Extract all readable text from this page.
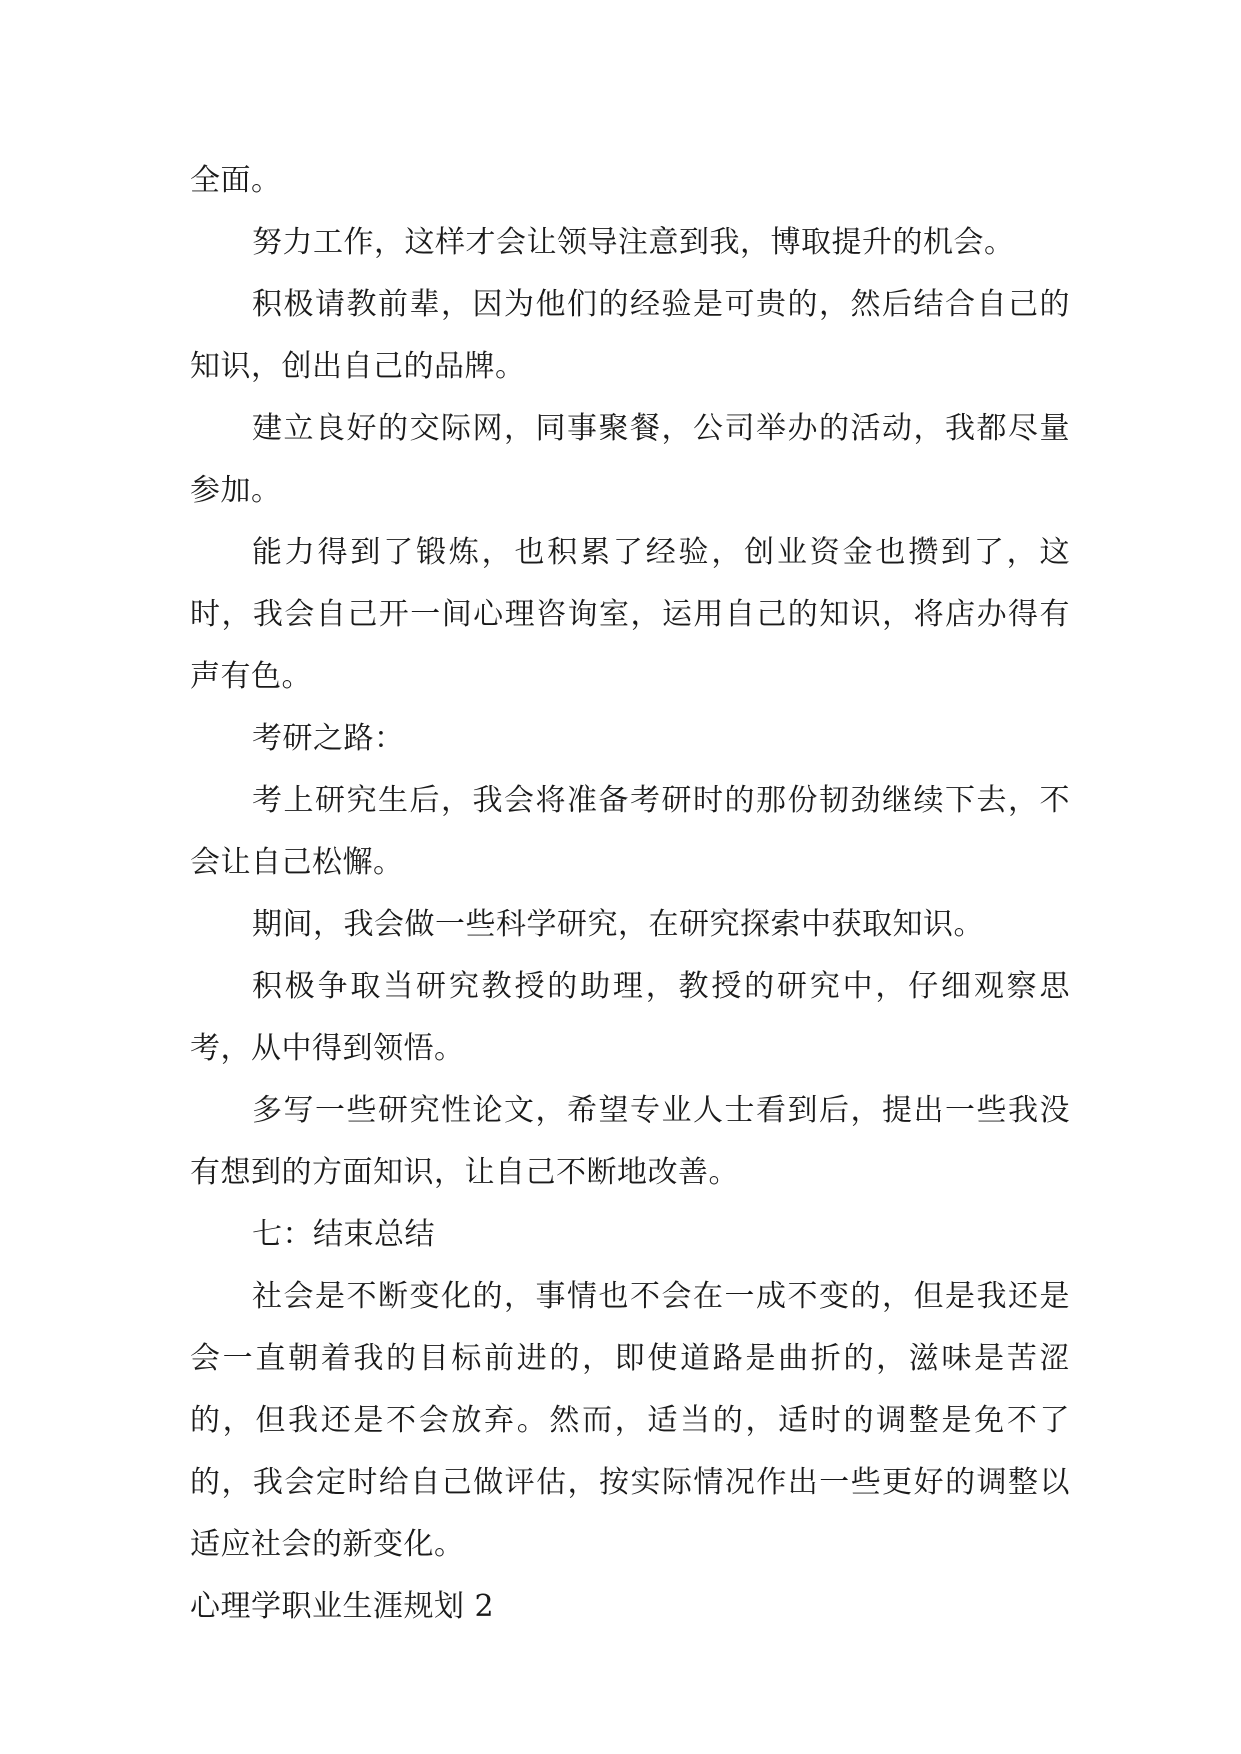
全面。

努力工作，这样才会让领导注意到我，博取提升的机会。

积极请教前辈，因为他们的经验是可贵的，然后结合自己的知识，创出自己的品牌。

建立良好的交际网，同事聚餐，公司举办的活动，我都尽量参加。

能力得到了锻炼，也积累了经验，创业资金也攒到了，这时，我会自己开一间心理咨询室，运用自己的知识，将店办得有声有色。

考研之路：

考上研究生后，我会将准备考研时的那份韧劲继续下去，不会让自己松懈。

期间，我会做一些科学研究，在研究探索中获取知识。

积极争取当研究教授的助理，教授的研究中，仔细观察思考，从中得到领悟。

多写一些研究性论文，希望专业人士看到后，提出一些我没有想到的方面知识，让自己不断地改善。

七：结束总结

社会是不断变化的，事情也不会在一成不变的，但是我还是会一直朝着我的目标前进的，即使道路是曲折的，滋味是苦涩的，但我还是不会放弃。然而，适当的，适时的调整是免不了的，我会定时给自己做评估，按实际情况作出一些更好的调整以适应社会的新变化。

心理学职业生涯规划 2
